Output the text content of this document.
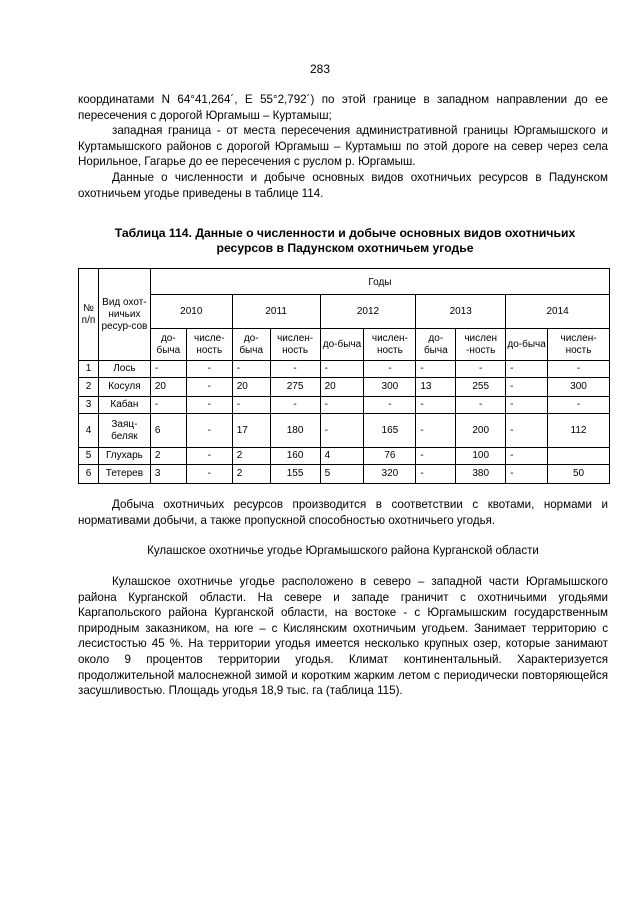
283

координатами N 64°41,264´, E 55°2,792´) по этой границе в западном направлении до ее пересечения с дорогой Юргамыш – Куртамыш;

западная граница - от места пересечения административной границы Юргамышского и Куртамышского районов с дорогой Юргамыш – Куртамыш по этой дороге на север через села Норильное, Гагарье до ее пересечения с руслом р. Юргамыш.

Данные о численности и добыче основных видов охотничьих ресурсов в Падунском охотничьем угодье приведены в таблице 114.

Таблица 114. Данные о численности и добыче основных видов охотничьих
ресурсов в Падунском охотничьем угодье
№ п/п	Вид охот-ничьих ресур-сов	Годы									
		2010		2011		2012		2013		2014	
		до-быча	числе-ность	до-быча	числен-ность	до-быча	числен-ность	до-быча	числен -ность	до-быча	числен-ность
1	Лось	-	-	-	-	-	-	-	-	-	-
2	Косуля	20	-	20	275	20	300	13	255	-	300
3	Кабан	-	-	-	-	-	-	-	-	-	-
4	Заяц-беляк	6	-	17	180	-	165	-	200	-	112
5	Глухарь	2	-	2	160	4	76	-	100	-	
6	Тетерев	3	-	2	155	5	320	-	380	-	50

Добыча охотничьих ресурсов производится в соответствии с квотами, нормами и нормативами добычи, а также пропускной способностью охотничьего угодья.

Кулашское охотничье угодье Юргамышского района Курганской области

Кулашское охотничье угодье расположено в северо – западной части Юргамышского района Курганской области. На севере и западе граничит с охотничьими угодьями Каргапольского района Курганской области, на востоке - с Юргамышским государственным природным заказником, на юге – с Кислянским охотничьим угодьем. Занимает территорию с лесистостью 45 %. На территории угодья имеется несколько крупных озер, которые занимают около 9 процентов территории угодья. Климат континентальный. Характеризуется продолжительной малоснежной зимой и коротким жарким летом с периодически повторяющейся засушливостью. Площадь угодья 18,9 тыс. га (таблица 115).
